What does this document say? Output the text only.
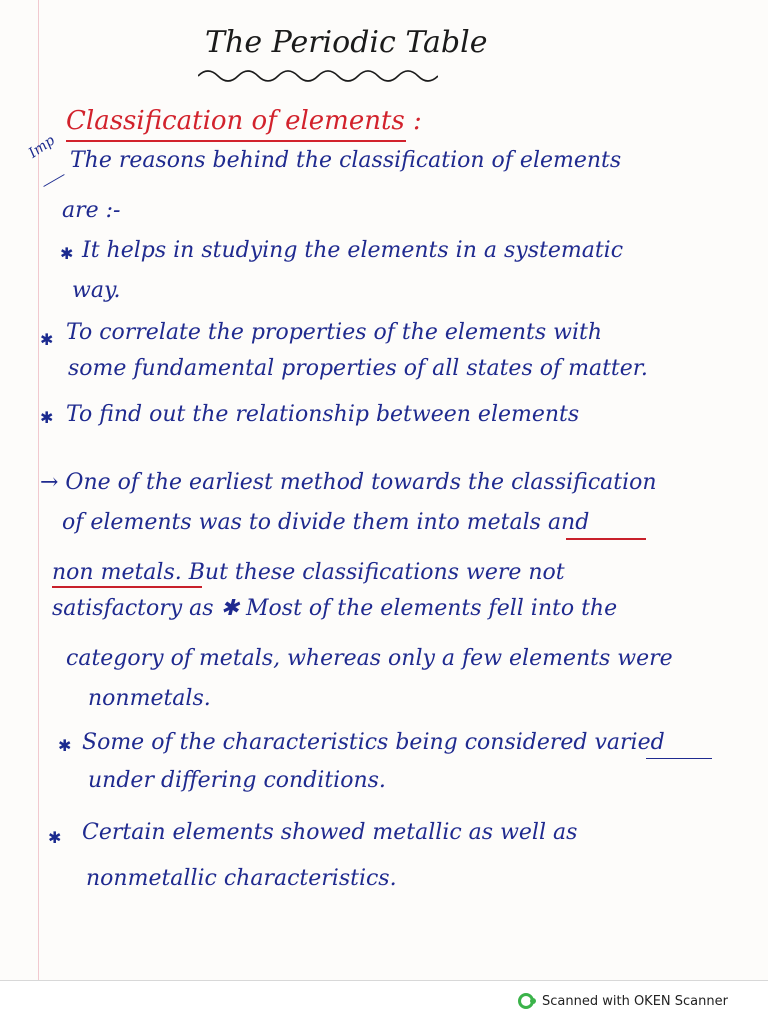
The Periodic Table
Classification of elements :
Imp The reasons behind the classification of elements
are :-
✱ It helps in studying the elements in a systematic
way.
✱ To correlate the properties of the elements with
some fundamental properties of all states of matter.
✱ To find out the relationship between elements
→ One of the earliest method towards the classification
of elements was to divide them into metals and
non metals. But these classifications were not
satisfactory as ✱ Most of the elements fell into the
category of metals, whereas only a few elements were
nonmetals.
✱ Some of the characteristics being considered varied
under differing conditions.
✱ Certain elements showed metallic as well as
nonmetallic characteristics.
Scanned with OKEN Scanner
